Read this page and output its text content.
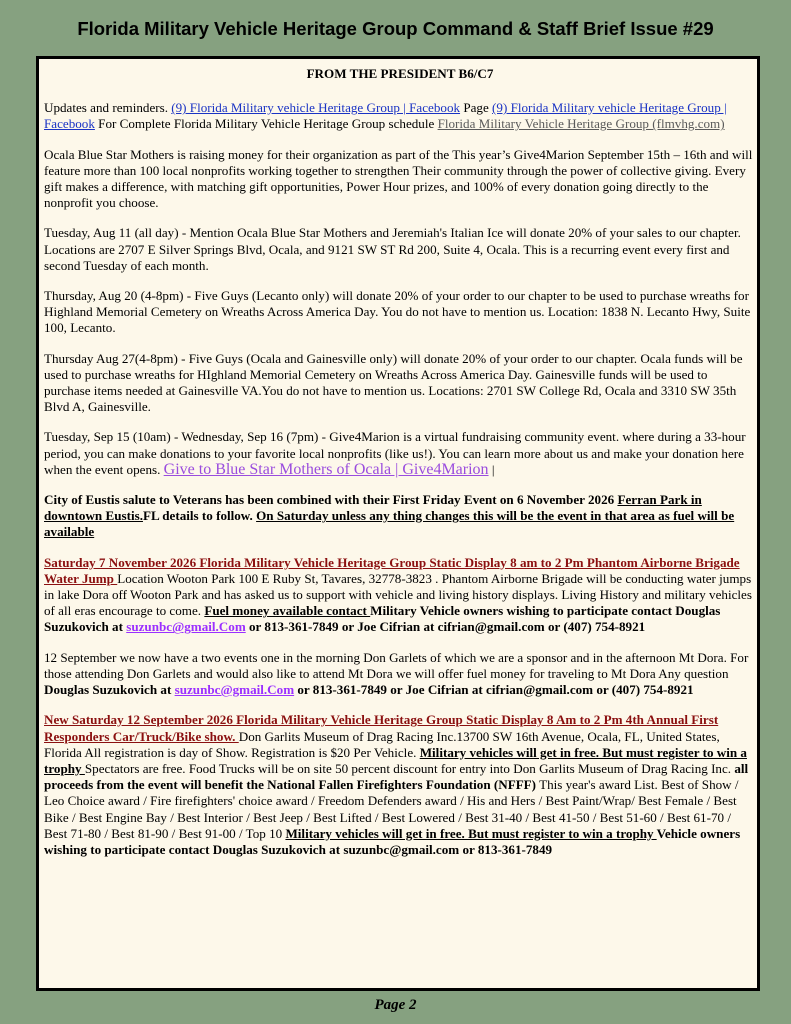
Florida Military Vehicle Heritage Group Command & Staff Brief Issue #29

FROM THE PRESIDENT B6/C7

Updates and reminders. (9) Florida Military vehicle Heritage Group | Facebook Page (9) Florida Military vehicle Heritage Group | Facebook For Complete Florida Military Vehicle Heritage Group schedule Florida Military Vehicle Heritage Group (flmvhg.com)

Ocala Blue Star Mothers is raising money for their organization as part of the This year’s Give4Marion September 15th – 16th and will feature more than 100 local nonprofits working together to strengthen Their community through the power of collective giving. Every gift makes a difference, with matching gift opportunities, Power Hour prizes, and 100% of every donation going directly to the nonprofit you choose.

Tuesday, Aug 11 (all day) - Mention Ocala Blue Star Mothers and Jeremiah's Italian Ice will donate 20% of your sales to our chapter. Locations are 2707 E Silver Springs Blvd, Ocala, and 9121 SW ST Rd 200, Suite 4, Ocala. This is a recurring event every first and second Tuesday of each month.

Thursday, Aug 20 (4-8pm) - Five Guys (Lecanto only) will donate 20% of your order to our chapter to be used to purchase wreaths for Highland Memorial Cemetery on Wreaths Across America Day. You do not have to mention us. Location: 1838 N. Lecanto Hwy, Suite 100, Lecanto.

Thursday Aug 27(4-8pm) - Five Guys (Ocala and Gainesville only) will donate 20% of your order to our chapter. Ocala funds will be used to purchase wreaths for HIghland Memorial Cemetery on Wreaths Across America Day. Gainesville funds will be used to purchase items needed at Gainesville VA.You do not have to mention us. Locations: 2701 SW College Rd, Ocala and 3310 SW 35th Blvd A, Gainesville.

Tuesday, Sep 15 (10am) - Wednesday, Sep 16 (7pm) - Give4Marion is a virtual fundraising community event. where during a 33-hour period, you can make donations to your favorite local nonprofits (like us!). You can learn more about us and make your donation here when the event opens. Give to Blue Star Mothers of Ocala | Give4Marion |

City of Eustis salute to Veterans has been combined with their First Friday Event on 6 November 2026 Ferran Park in downtown Eustis.FL details to follow. On Saturday unless any thing changes this will be the event in that area as fuel will be available

Saturday 7 November 2026 Florida Military Vehicle Heritage Group Static Display 8 am to 2 Pm Phantom Airborne Brigade Water Jump Location Wooton Park 100 E Ruby St, Tavares, 32778-3823 . Phantom Airborne Brigade will be conducting water jumps in lake Dora off Wooton Park and has asked us to support with vehicle and living history displays. Living History and military vehicles of all eras encourage to come. Fuel money available contact Military Vehicle owners wishing to participate contact Douglas Suzukovich at suzunbc@gmail.Com or 813-361-7849 or Joe Cifrian at cifrian@gmail.com or (407) 754-8921

12 September we now have a two events one in the morning Don Garlets of which we are a sponsor and in the afternoon Mt Dora. For those attending Don Garlets and would also like to attend Mt Dora we will offer fuel money for traveling to Mt Dora Any question Douglas Suzukovich at suzunbc@gmail.Com or 813-361-7849 or Joe Cifrian at cifrian@gmail.com or (407) 754-8921

New Saturday 12 September 2026 Florida Military Vehicle Heritage Group Static Display 8 Am to 2 Pm 4th Annual First Responders Car/Truck/Bike show. Don Garlits Museum of Drag Racing Inc.13700 SW 16th Avenue, Ocala, FL, United States, Florida All registration is day of Show. Registration is $20 Per Vehicle. Military vehicles will get in free. But must register to win a trophy Spectators are free. Food Trucks will be on site 50 percent discount for entry into Don Garlits Museum of Drag Racing Inc. all proceeds from the event will benefit the National Fallen Firefighters Foundation (NFFF) This year's award List. Best of Show / Leo Choice award / Fire firefighters' choice award / Freedom Defenders award / His and Hers / Best Paint/Wrap/ Best Female / Best Bike / Best Engine Bay / Best Interior / Best Jeep / Best Lifted / Best Lowered / Best 31-40 / Best 41-50 / Best 51-60 / Best 61-70 / Best 71-80 / Best 81-90 / Best 91-00 / Top 10 Military vehicles will get in free. But must register to win a trophy Vehicle owners wishing to participate contact Douglas Suzukovich at suzunbc@gmail.com or 813-361-7849

Page 2
